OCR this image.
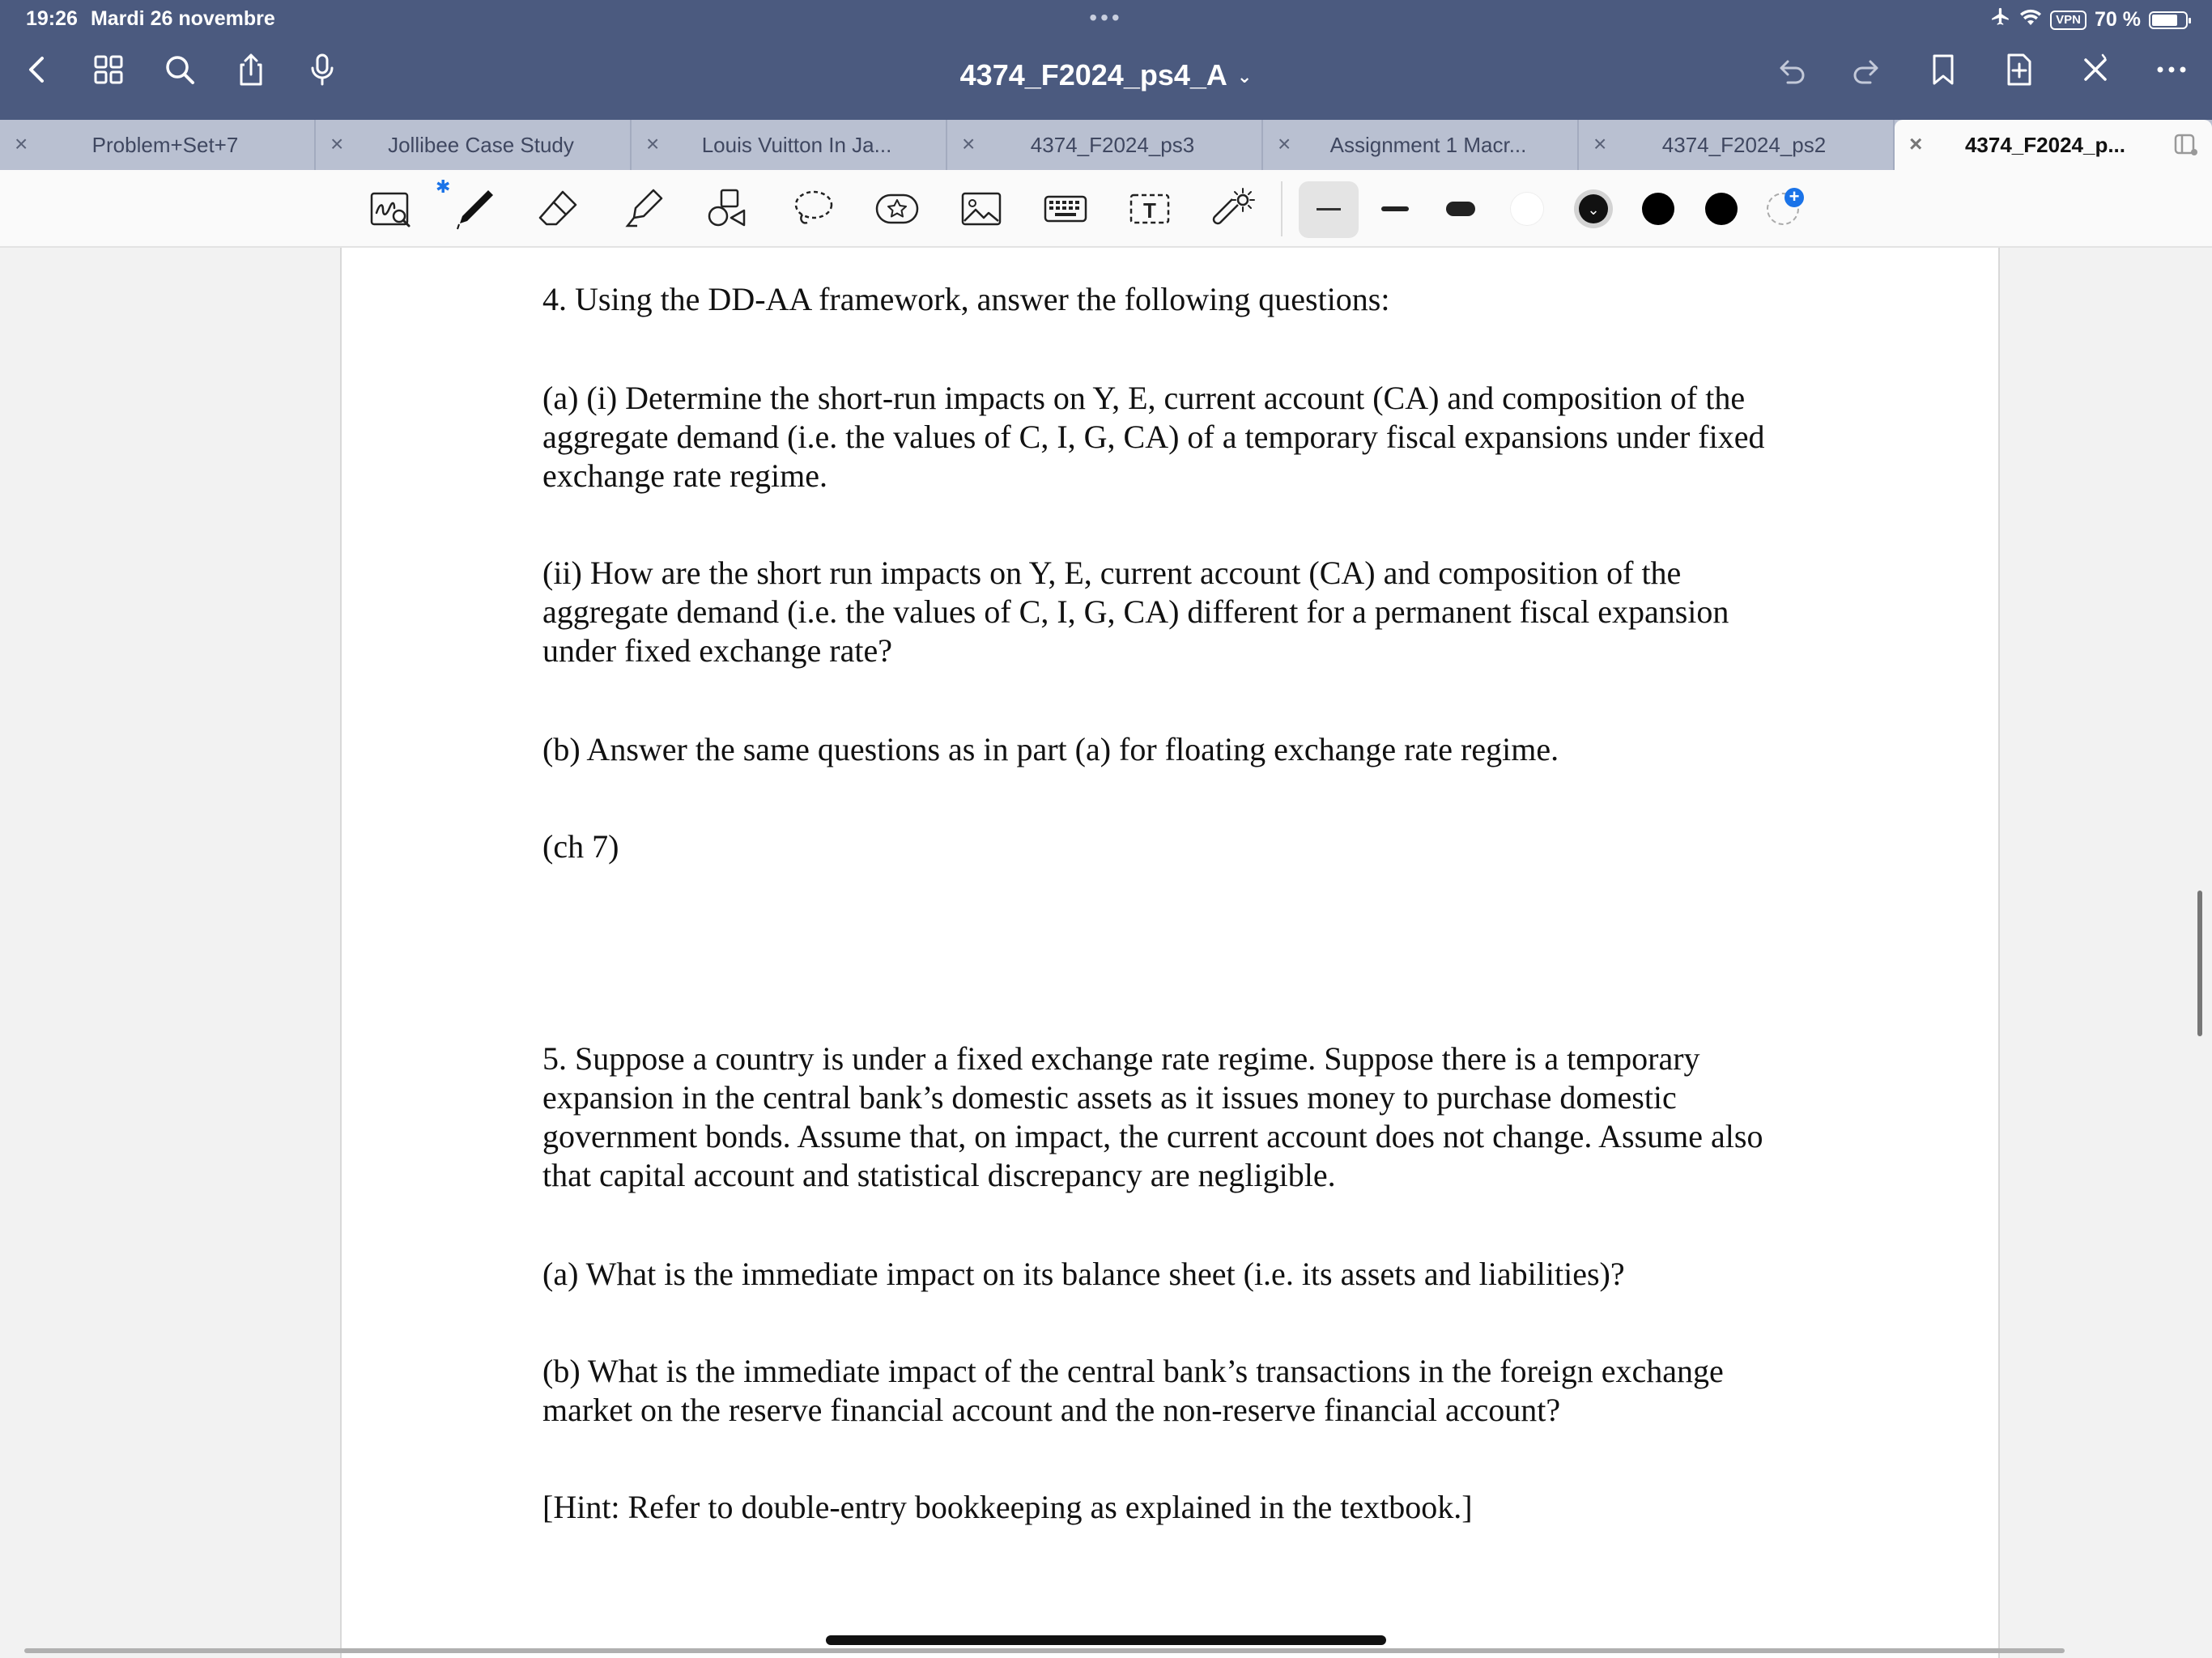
19:26 Mardi 26 novembre	•••	VPN 70 %
4374_F2024_ps4_A ⌄
×	Problem+Set+7	×	Jollibee Case Study	×	Louis Vuitton In Ja...	×	4374_F2024_ps3	×	Assignment 1 Macr...	×	4374_F2024_ps2	×	4374_F2024_p...
✱
T	⌄
+

4. Using the DD-AA framework, answer the following questions:

(a) (i) Determine the short-run impacts on Y, E, current account (CA) and composition of the aggregate demand (i.e. the values of C, I, G, CA) of a temporary fiscal expansions under fixed exchange rate regime.

(ii) How are the short run impacts on Y, E, current account (CA) and composition of the aggregate demand (i.e. the values of C, I, G, CA) different for a permanent fiscal expansion under fixed exchange rate?

(b) Answer the same questions as in part (a) for floating exchange rate regime.

(ch 7)

5. Suppose a country is under a fixed exchange rate regime. Suppose there is a temporary expansion in the central bank’s domestic assets as it issues money to purchase domestic government bonds. Assume that, on impact, the current account does not change. Assume also that capital account and statistical discrepancy are negligible.

(a) What is the immediate impact on its balance sheet (i.e. its assets and liabilities)?

(b) What is the immediate impact of the central bank’s transactions in the foreign exchange market on the reserve financial account and the non-reserve financial account?

[Hint: Refer to double-entry bookkeeping as explained in the textbook.]
